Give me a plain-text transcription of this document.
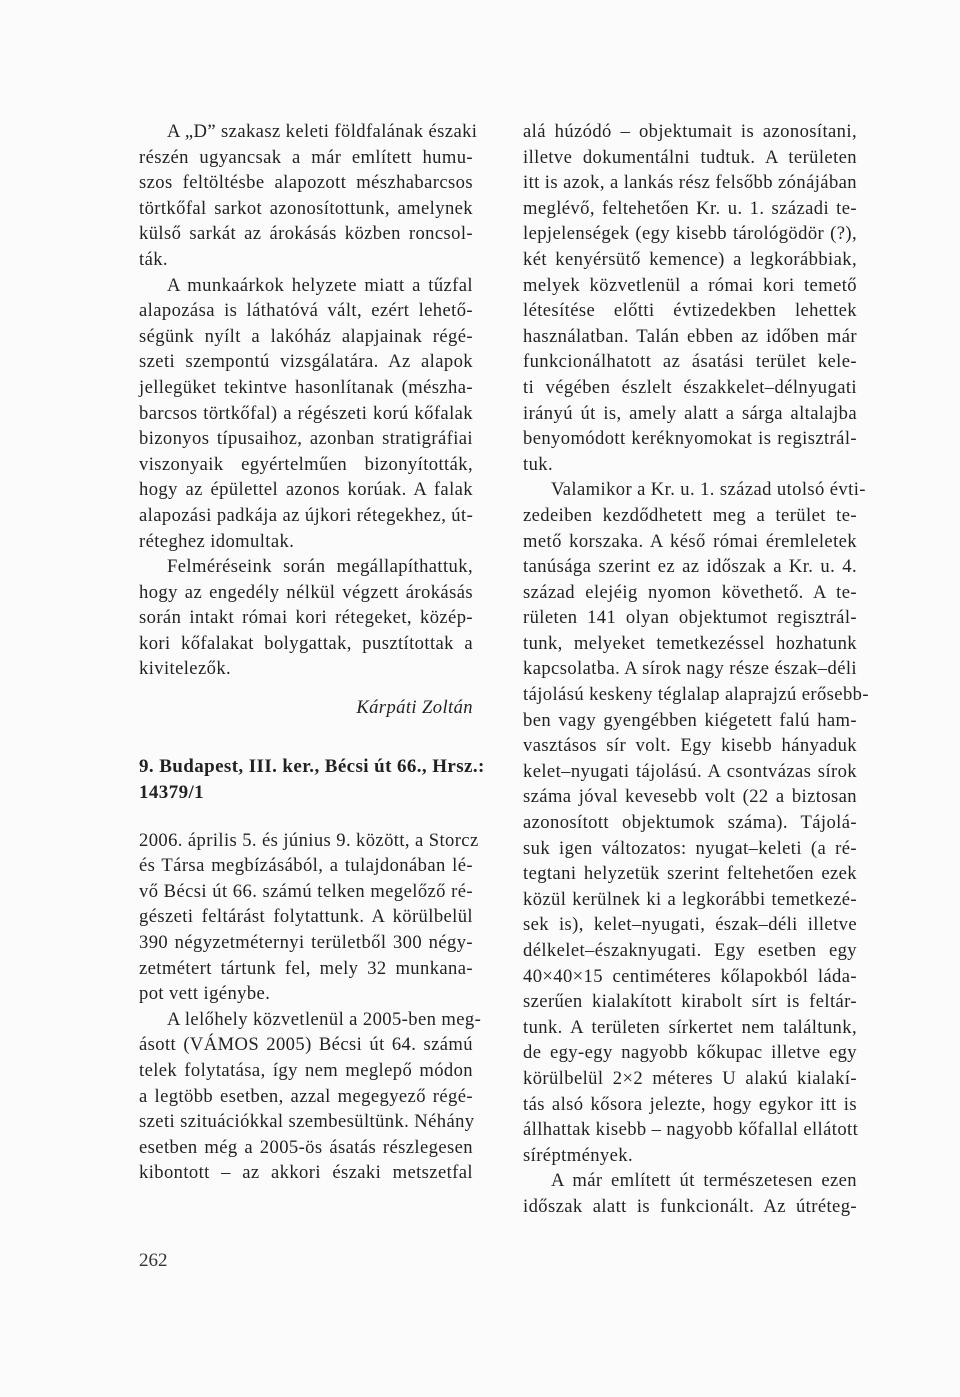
A „D” szakasz keleti földfalának északi
részén ugyancsak a már említett humu-
szos feltöltésbe alapozott mészhabarcsos
törtkőfal sarkot azonosítottunk, amelynek
külső sarkát az árokásás közben roncsol-
ták.
A munkaárkok helyzete miatt a tűzfal
alapozása is láthatóvá vált, ezért lehető-
ségünk nyílt a lakóház alapjainak régé-
szeti szempontú vizsgálatára. Az alapok
jellegüket tekintve hasonlítanak (mészha-
barcsos törtkőfal) a régészeti korú kőfalak
bizonyos típusaihoz, azonban stratigráfiai
viszonyaik egyértelműen bizonyították,
hogy az épülettel azonos korúak. A falak
alapozási padkája az újkori rétegekhez, út-
réteghez idomultak.
Felméréseink során megállapíthattuk,
hogy az engedély nélkül végzett árokásás
során intakt római kori rétegeket, közép-
kori kőfalakat bolygattak, pusztítottak a
kivitelezők.
Kárpáti Zoltán
9. Budapest, III. ker., Bécsi út 66., Hrsz.:
14379/1
2006. április 5. és június 9. között, a Storcz
és Társa megbízásából, a tulajdonában lé-
vő Bécsi út 66. számú telken megelőző ré-
gészeti feltárást folytattunk. A körülbelül
390 négyzetméternyi területből 300 négy-
zetmétert tártunk fel, mely 32 munkana-
pot vett igénybe.
A lelőhely közvetlenül a 2005-ben meg-
ásott (VÁMOS 2005) Bécsi út 64. számú
telek folytatása, így nem meglepő módon
a legtöbb esetben, azzal megegyező régé-
szeti szituációkkal szembesültünk. Néhány
esetben még a 2005-ös ásatás részlegesen
kibontott – az akkori északi metszetfal
alá húzódó – objektumait is azonosítani,
illetve dokumentálni tudtuk. A területen
itt is azok, a lankás rész felsőbb zónájában
meglévő, feltehetően Kr. u. 1. századi te-
lepjelenségek (egy kisebb tárológödör (?),
két kenyérsütő kemence) a legkorábbiak,
melyek közvetlenül a római kori temető
létesítése előtti évtizedekben lehettek
használatban. Talán ebben az időben már
funkcionálhatott az ásatási terület kele-
ti végében észlelt északkelet–délnyugati
irányú út is, amely alatt a sárga altalajba
benyomódott keréknyomokat is regisztrál-
tuk.
Valamikor a Kr. u. 1. század utolsó évti-
zedeiben kezdődhetett meg a terület te-
mető korszaka. A késő római éremleletek
tanúsága szerint ez az időszak a Kr. u. 4.
század elejéig nyomon követhető. A te-
rületen 141 olyan objektumot regisztrál-
tunk, melyeket temetkezéssel hozhatunk
kapcsolatba. A sírok nagy része észak–déli
tájolású keskeny téglalap alaprajzú erősebb-
ben vagy gyengébben kiégetett falú ham-
vasztásos sír volt. Egy kisebb hányaduk
kelet–nyugati tájolású. A csontvázas sírok
száma jóval kevesebb volt (22 a biztosan
azonosított objektumok száma). Tájolá-
suk igen változatos: nyugat–keleti (a ré-
tegtani helyzetük szerint feltehetően ezek
közül kerülnek ki a legkorábbi temetkezé-
sek is), kelet–nyugati, észak–déli illetve
délkelet–északnyugati. Egy esetben egy
40×40×15 centiméteres kőlapokból láda-
szerűen kialakított kirabolt sírt is feltár-
tunk. A területen sírkertet nem találtunk,
de egy-egy nagyobb kőkupac illetve egy
körülbelül 2×2 méteres U alakú kialakí-
tás alsó kősora jelezte, hogy egykor itt is
állhattak kisebb – nagyobb kőfallal ellátott
síréptmények.
A már említett út természetesen ezen
időszak alatt is funkcionált. Az útréteg-
262
